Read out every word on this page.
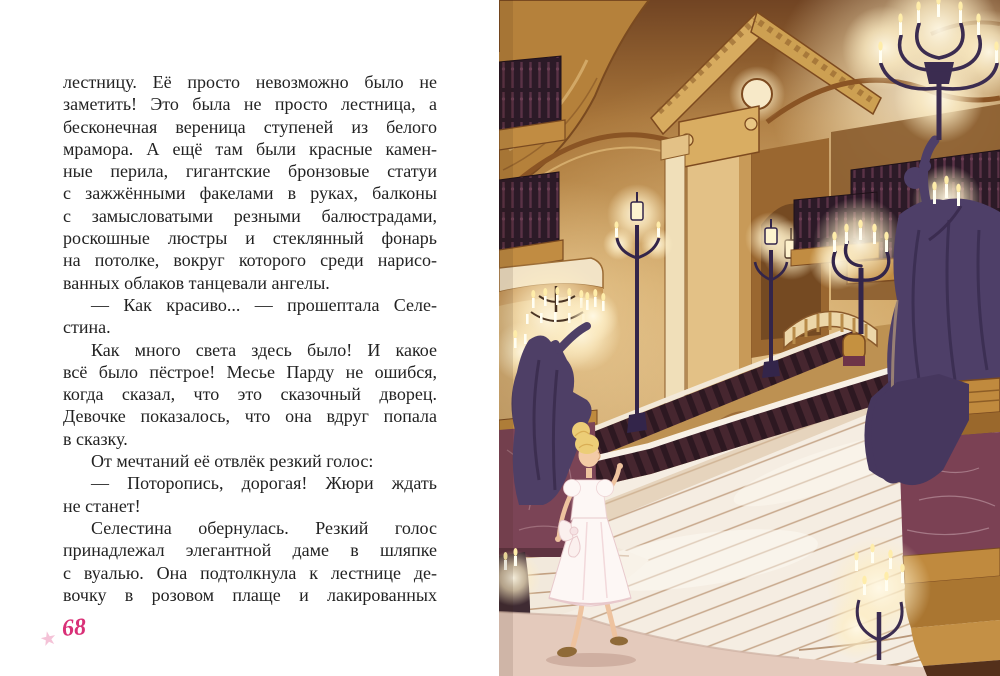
лестницу. Её просто невозможно было не
заметить! Это была не просто лестница, а
бесконечная вереница ступеней из белого
мрамора. А ещё там были красные камен-
ные перила, гигантские бронзовые статуи
с зажжёнными факелами в руках, балконы
с замысловатыми резными балюстрадами,
роскошные люстры и стеклянный фонарь
на потолке, вокруг которого среди нарисо-
ванных облаков танцевали ангелы.
— Как красиво... — прошептала Селе-
стина.
Как много света здесь было! И какое
всё было пёстрое! Месье Парду не ошибся,
когда сказал, что это сказочный дворец.
Девочке показалось, что она вдруг попала
в сказку.
От мечтаний её отвлёк резкий голос:
— Поторопись, дорогая! Жюри ждать
не станет!
Селестина обернулась. Резкий голос
принадлежал элегантной даме в шляпке
с вуалью. Она подтолкнула к лестнице де-
вочку в розовом плаще и лакированных
68
★
